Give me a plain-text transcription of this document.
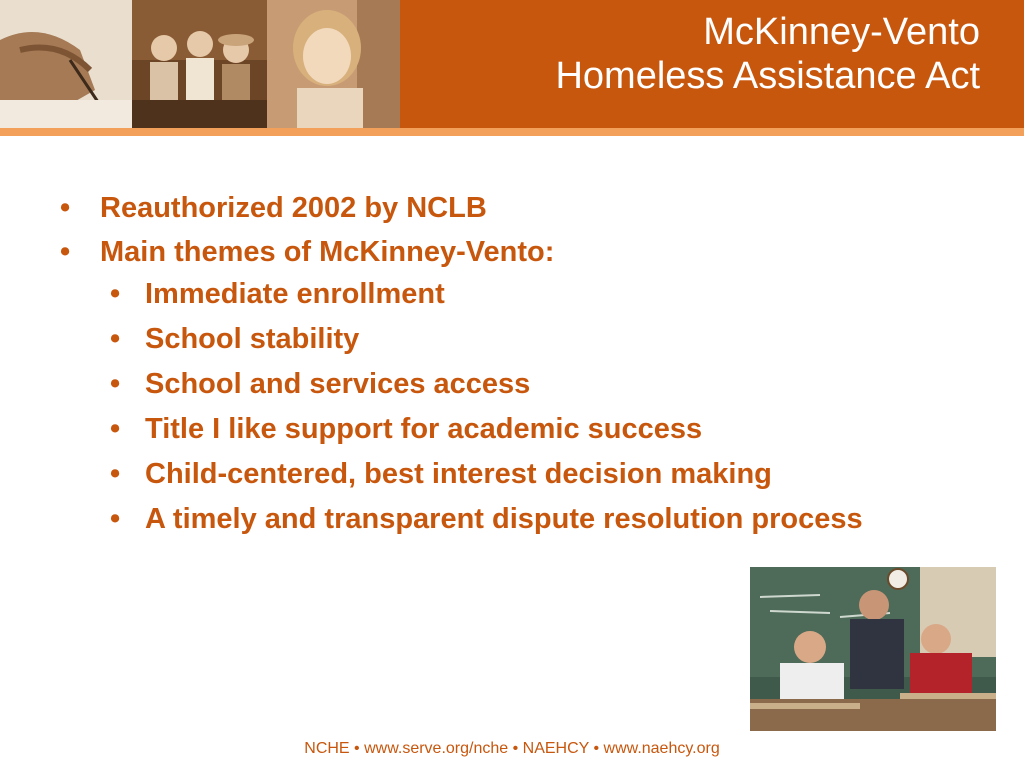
McKinney-Vento
Homeless Assistance Act
• Reauthorized 2002 by NCLB
• Main themes of McKinney-Vento:
• Immediate enrollment
• School stability
• School and services access
• Title I like support for academic success
• Child-centered, best interest decision making
• A timely and transparent dispute resolution process
NCHE • www.serve.org/nche • NAEHCY • www.naehcy.org
